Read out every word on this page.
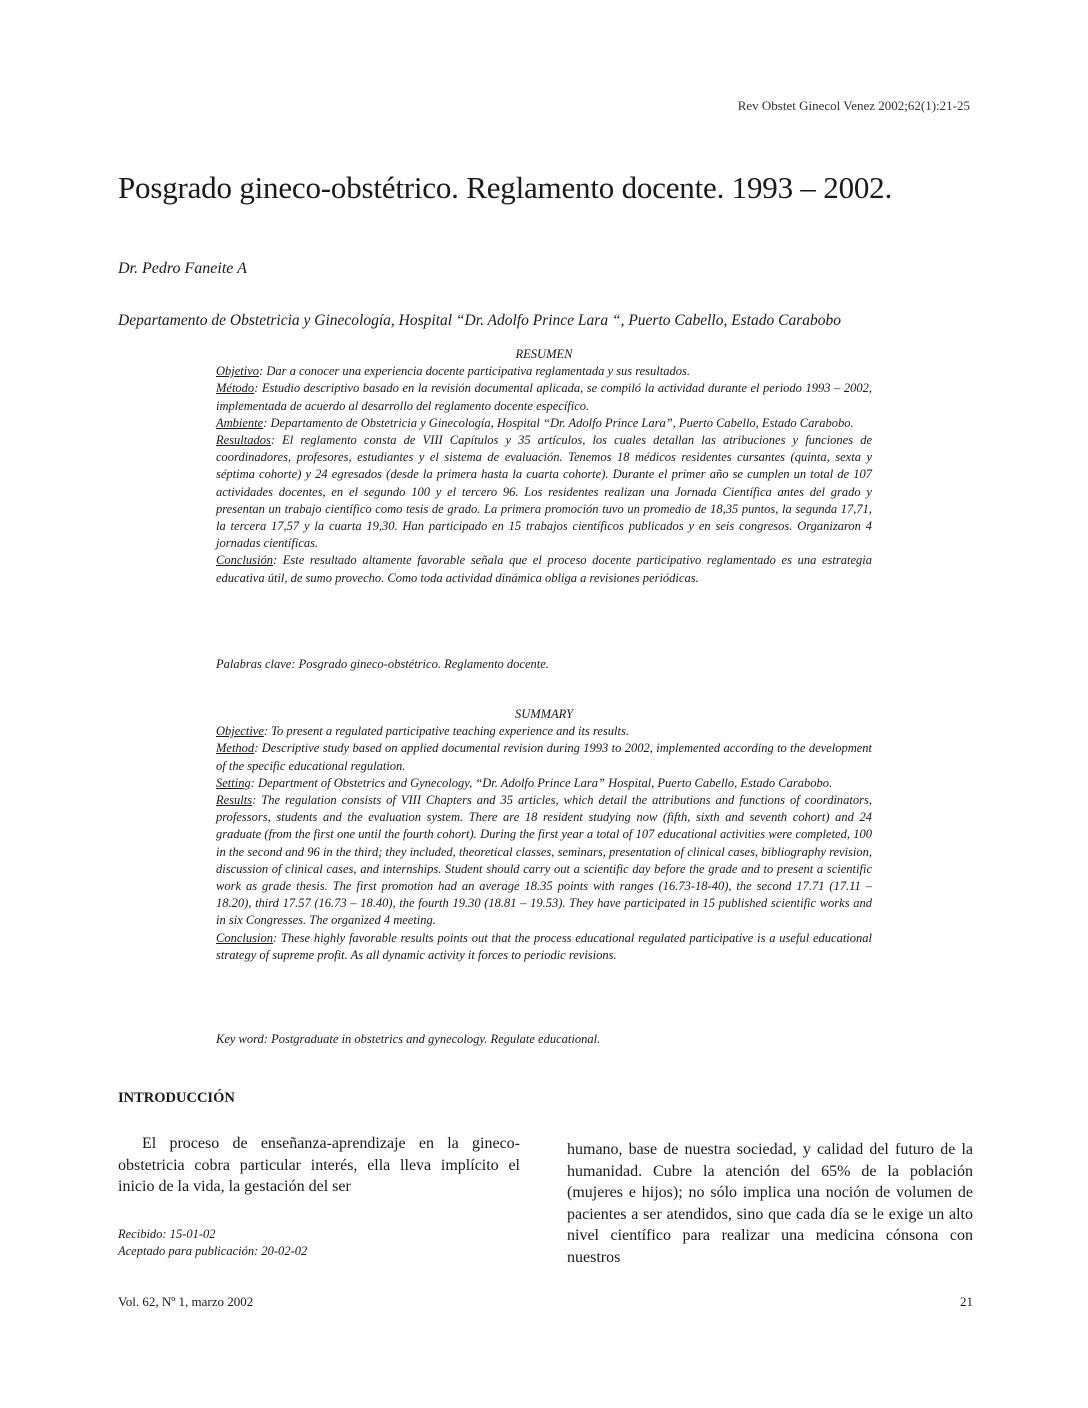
Rev Obstet Ginecol Venez 2002;62(1):21-25
Posgrado gineco-obstétrico. Reglamento docente. 1993 – 2002.
Dr. Pedro Faneite A
Departamento de Obstetricia y Ginecología, Hospital “Dr. Adolfo Prince Lara “, Puerto Cabello, Estado Carabobo
RESUMEN

Objetivo: Dar a conocer una experiencia docente participativa reglamentada y sus resultados.

Método: Estudio descriptivo basado en la revisión documental aplicada, se compiló la actividad durante el periodo 1993 – 2002, implementada de acuerdo al desarrollo del reglamento docente específico.

Ambiente: Departamento de Obstetricia y Ginecología, Hospital “Dr. Adolfo Prince Lara”, Puerto Cabello, Estado Carabobo.

Resultados: El reglamento consta de VIII Capítulos y 35 artículos, los cuales detallan las atribuciones y funciones de coordinadores, profesores, estudiantes y el sistema de evaluación. Tenemos 18 médicos residentes cursantes (quinta, sexta y séptima cohorte) y 24 egresados (desde la primera hasta la cuarta cohorte). Durante el primer año se cumplen un total de 107 actividades docentes, en el segundo 100 y el tercero 96. Los residentes realizan una Jornada Científica antes del grado y presentan un trabajo científico como tesis de grado. La primera promoción tuvo un promedio de 18,35 puntos, la segunda 17,71, la tercera 17,57 y la cuarta 19,30. Han participado en 15 trabajos científicos publicados y en seis congresos. Organizaron 4 jornadas científicas.

Conclusión: Este resultado altamente favorable señala que el proceso docente participativo reglamentado es una estrategia educativa útil, de sumo provecho. Como toda actividad dinámica obliga a revisiones periódicas.

Palabras clave: Posgrado gineco-obstétrico. Reglamento docente.
SUMMARY

Objective: To present a regulated participative teaching experience and its results.

Method: Descriptive study based on applied documental revision during 1993 to 2002, implemented according to the development of the specific educational regulation.

Setting: Department of Obstetrics and Gynecology, “Dr. Adolfo Prince Lara” Hospital, Puerto Cabello, Estado Carabobo.

Results: The regulation consists of VIII Chapters and 35 articles, which detail the attributions and functions of coordinators, professors, students and the evaluation system. There are 18 resident studying now (fifth, sixth and seventh cohort) and 24 graduate (from the first one until the fourth cohort). During the first year a total of 107 educational activities were completed, 100 in the second and 96 in the third; they included, theoretical classes, seminars, presentation of clinical cases, bibliography revision, discussion of clinical cases, and internships. Student should carry out a scientific day before the grade and to present a scientific work as grade thesis. The first promotion had an average 18.35 points with ranges (16.73-18-40), the second 17.71 (17.11 – 18.20), third 17.57 (16.73 – 18.40), the fourth 19.30 (18.81 – 19.53). They have participated in 15 published scientific works and in six Congresses. The organized 4 meeting.

Conclusion: These highly favorable results points out that the process educational regulated participative is a useful educational strategy of supreme profit. As all dynamic activity it forces to periodic revisions.

Key word: Postgraduate in obstetrics and gynecology. Regulate educational.
INTRODUCCIÓN

El proceso de enseñanza-aprendizaje en la gineco-obstetricia cobra particular interés, ella lleva implícito el inicio de la vida, la gestación del ser

humano, base de nuestra sociedad, y calidad del futuro de la humanidad. Cubre la atención del 65% de la población (mujeres e hijos); no sólo implica una noción de volumen de pacientes a ser atendidos, sino que cada día se le exige un alto nivel científico para realizar una medicina cónsona con nuestros

Recibido: 15-01-02
Aceptado para publicación: 20-02-02
Vol. 62, Nº 1, marzo 2002	21
